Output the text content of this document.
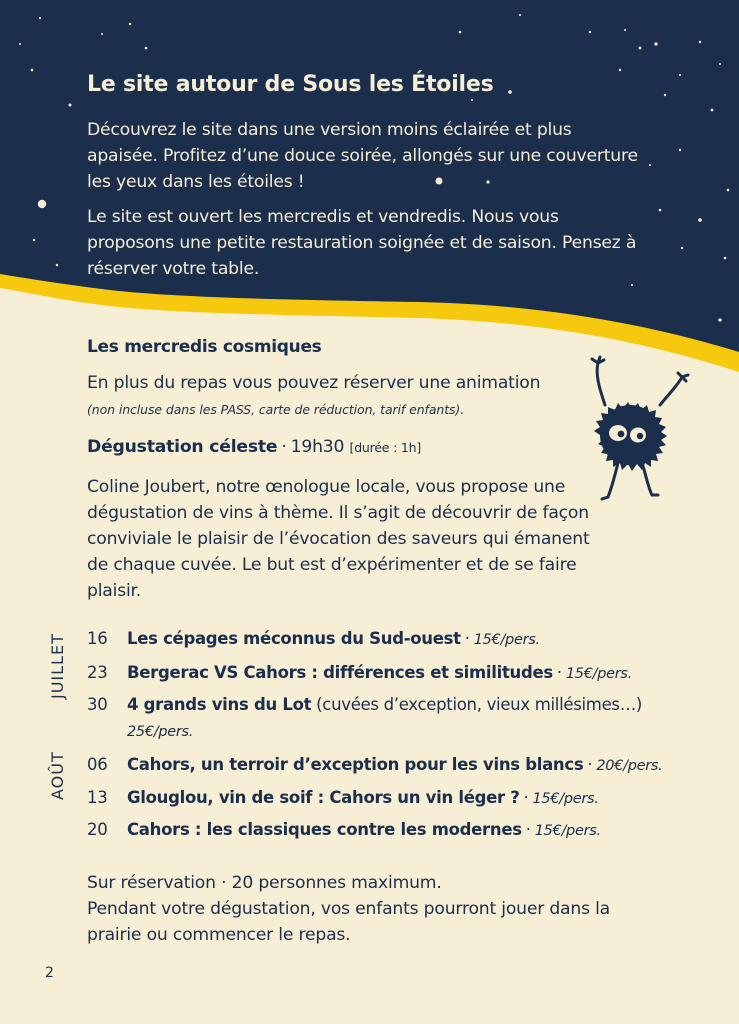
Le site autour de Sous les Étoiles

Découvrez le site dans une version moins éclairée et plus apaisée. Profitez d’une douce soirée, allongés sur une couverture les yeux dans les étoiles !

Le site est ouvert les mercredis et vendredis. Nous vous proposons une petite restauration soignée et de saison. Pensez à réserver votre table.

Les mercredis cosmiques

En plus du repas vous pouvez réserver une animation
(non incluse dans les PASS, carte de réduction, tarif enfants).

Dégustation céleste · 19h30 [durée : 1h]

Coline Joubert, notre œnologue locale, vous propose une dégustation de vins à thème. Il s’agit de découvrir de façon conviviale le plaisir de l’évocation des saveurs qui émanent de chaque cuvée. Le but est d’expérimenter et de se faire plaisir.

JUILLET
AOÛT
16	Les cépages méconnus du Sud-ouest · 15€/pers.
23	Bergerac VS Cahors : différences et similitudes · 15€/pers.
30	4 grands vins du Lot (cuvées d’exception, vieux millésimes…)
25€/pers.
06	Cahors, un terroir d’exception pour les vins blancs · 20€/pers.
13	Glouglou, vin de soif : Cahors un vin léger ? · 15€/pers.
20	Cahors : les classiques contre les modernes · 15€/pers.

Sur réservation · 20 personnes maximum.
Pendant votre dégustation, vos enfants pourront jouer dans la prairie ou commencer le repas.

2
